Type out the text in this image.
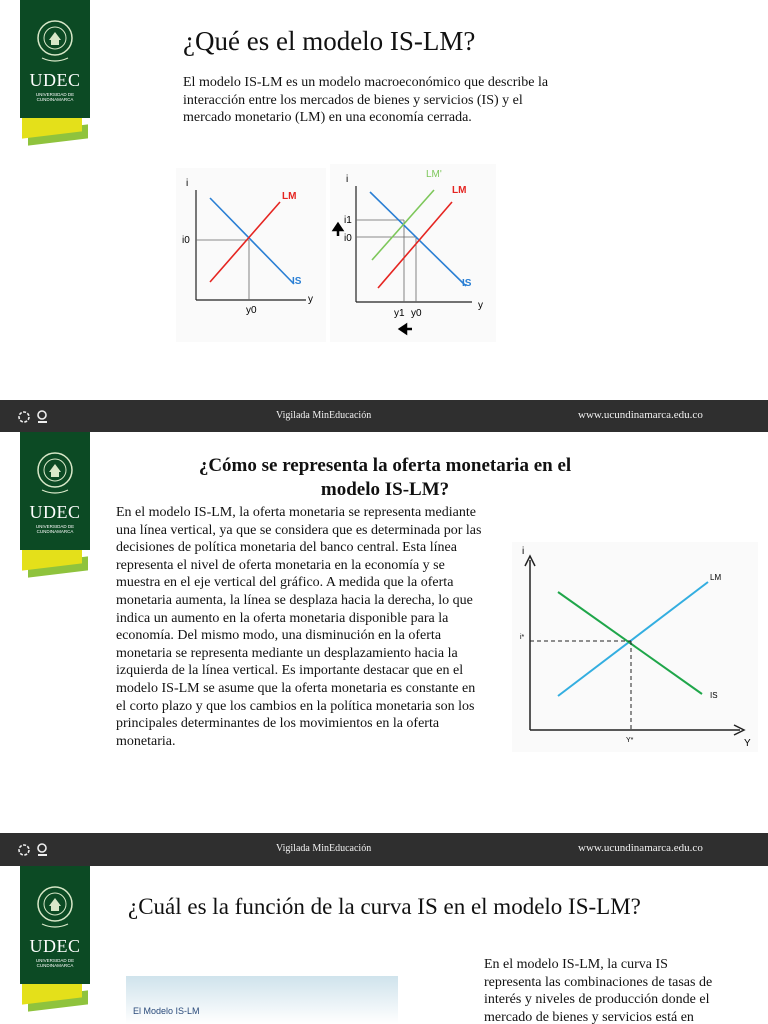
UDEC
UNIVERSIDAD DE
CUNDINAMARCA
¿Qué es el modelo IS-LM?
El modelo IS-LM es un modelo macroeconómico que describe la interacción entre los mercados de bienes y servicios (IS) y el mercado monetario (LM) en una economía cerrada.
i
y
LM
IS
i0
y0
i
y
LM'
LM
IS
i1
i0
y1 y0
Vigilada MinEducación	www.ucundinamarca.edu.co
UDEC
UNIVERSIDAD DE
CUNDINAMARCA
¿Cómo se representa la oferta monetaria en el modelo IS-LM?
En el modelo IS-LM, la oferta monetaria se representa mediante una línea vertical, ya que se considera que es determinada por las decisiones de política monetaria del banco central. Esta línea representa el nivel de oferta monetaria en la economía y se muestra en el eje vertical del gráfico. A medida que la oferta monetaria aumenta, la línea se desplaza hacia la derecha, lo que indica un aumento en la oferta monetaria disponible para la economía. Del mismo modo, una disminución en la oferta monetaria se representa mediante un desplazamiento hacia la izquierda de la línea vertical. Es importante destacar que en el modelo IS-LM se asume que la oferta monetaria es constante en el corto plazo y que los cambios en la política monetaria son los principales determinantes de los movimientos en la oferta monetaria.
i
Y
LM
IS
i*
Y*
Vigilada MinEducación	www.ucundinamarca.edu.co
UDEC
UNIVERSIDAD DE
CUNDINAMARCA
¿Cuál es la función de la curva IS en el modelo IS-LM?
El Modelo IS-LM
En el modelo IS-LM, la curva IS representa las combinaciones de tasas de interés y niveles de producción donde el mercado de bienes y servicios está en
